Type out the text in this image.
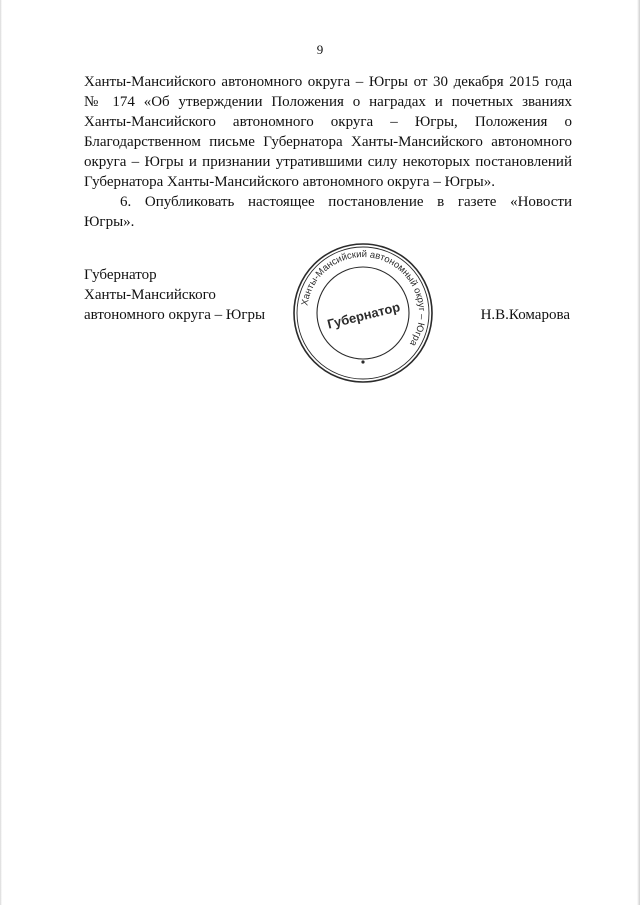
9

Ханты-Мансийского автономного округа – Югры от 30 декабря 2015 года
№ 174 «Об утверждении Положения о наградах и почетных званиях
Ханты-Мансийского автономного округа – Югры, Положения о
Благодарственном письме Губернатора Ханты-Мансийского автономного
округа – Югры и признании утратившими силу некоторых постановлений
Губернатора Ханты-Мансийского автономного округа – Югры».

6. Опубликовать настоящее постановление в газете «Новости
Югры».

Губернатор
Ханты-Мансийского
автономного округа – Югры	Н.В.Комарова
Ханты-Мансийский автономный округ – Югра
Губернатор
